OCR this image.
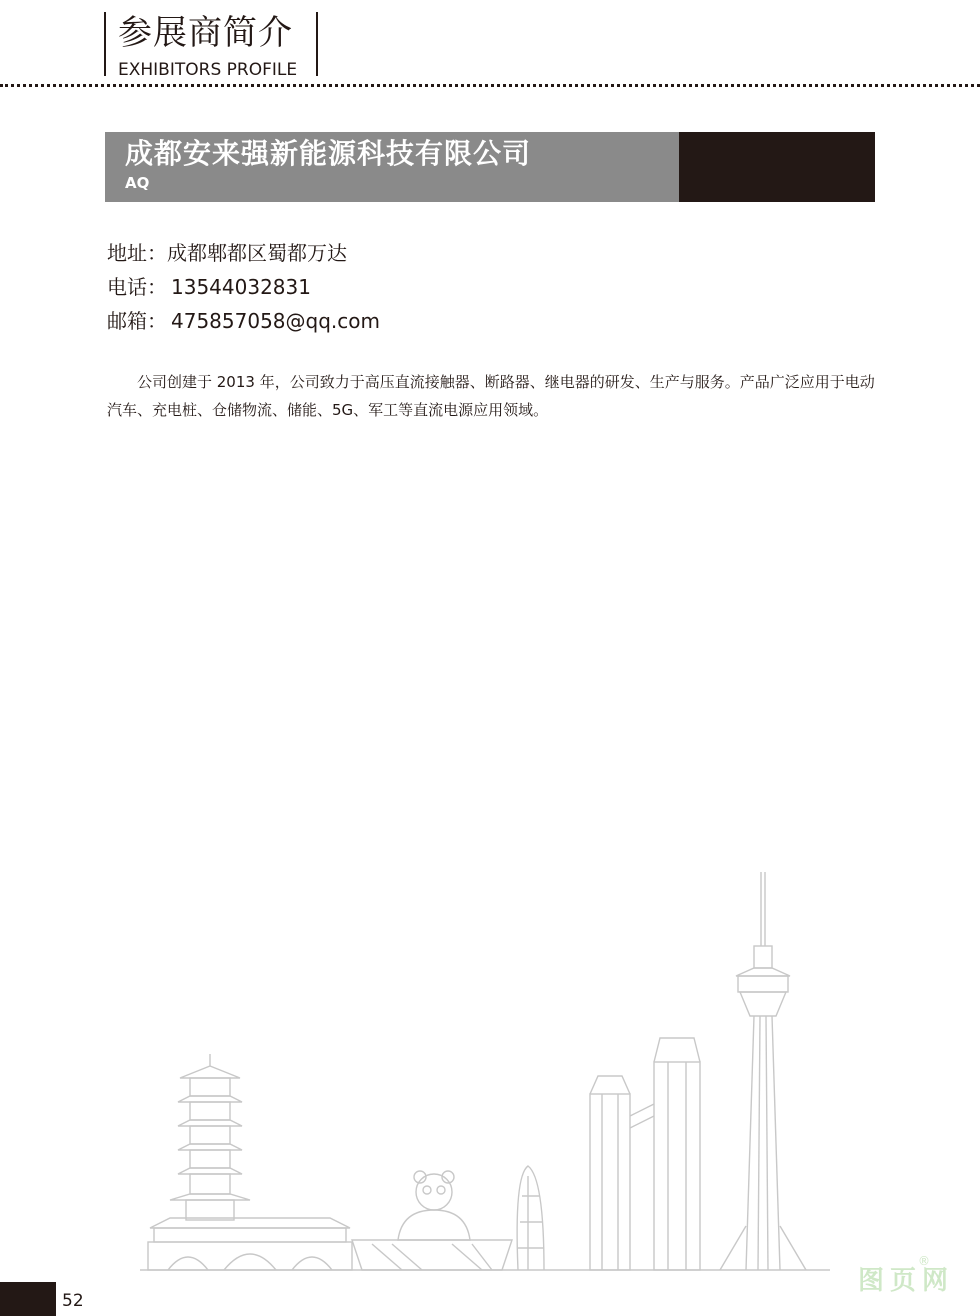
参展商简介
EXHIBITORS PROFILE
成都安来强新能源科技有限公司
AQ
地址：成都郫都区蜀都万达
电话： 13544032831
邮箱： 475857058@qq.com

公司创建于 2013 年，公司致力于高压直流接触器、断路器、继电器的研发、生产与服务。产品广泛应用于电动汽车、充电桩、仓储物流、储能、5G、军工等直流电源应用领域。

52
图页网
®
